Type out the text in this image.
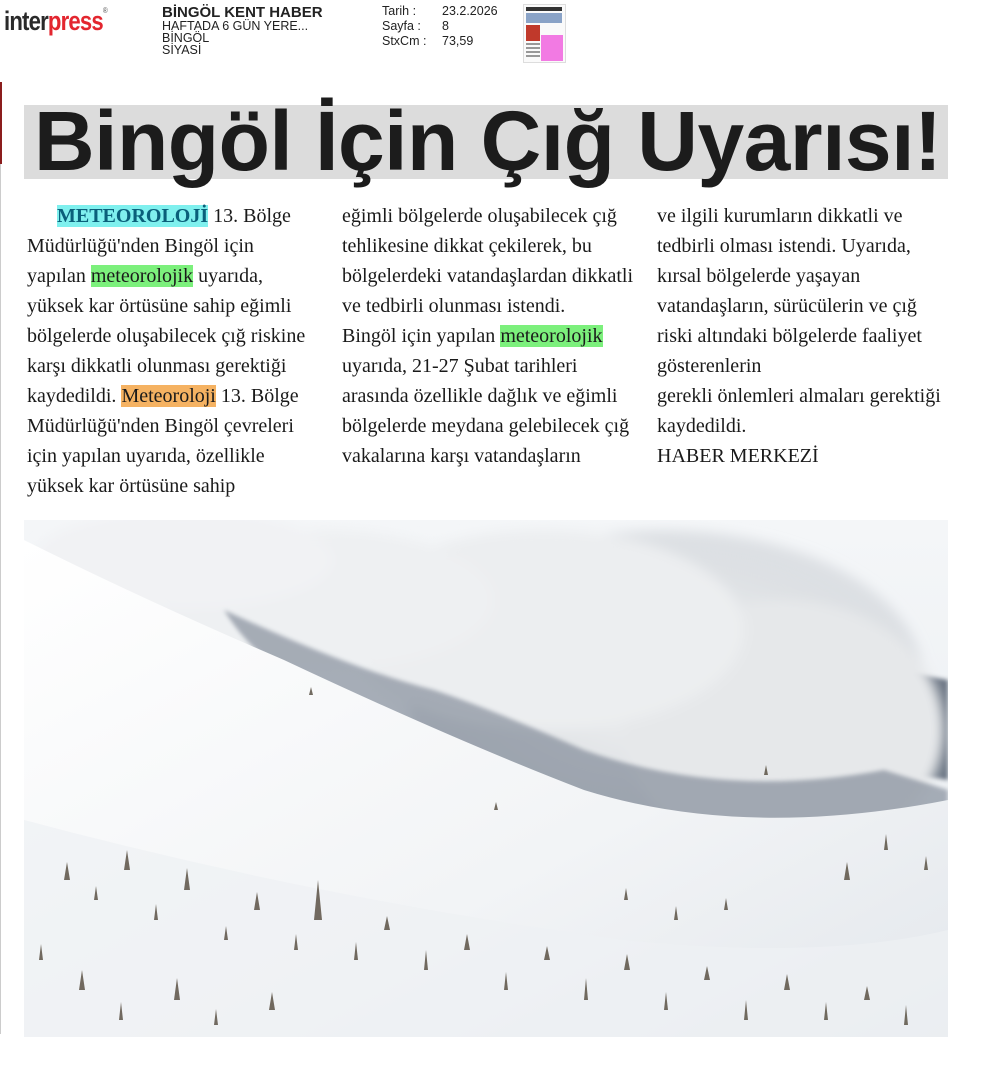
interpress®	BİNGÖL KENT HABER
HAFTADA 6 GÜN YERE...
BİNGÖL
SİYASİ
Tarih :	23.2.2026
Sayfa :	8
StxCm :	73,59
Bingöl İçin Çığ Uyarısı!

METEOROLOJİ 13. Bölge Müdürlüğü'nden Bingöl için yapılan meteorolojik uyarıda, yüksek kar örtüsüne sahip eğimli bölgelerde oluşabilecek çığ riskine karşı dikkatli olunması gerektiği kaydedildi. Meteoroloji 13. Bölge Müdürlüğü'nden Bingöl çevreleri için yapılan uyarıda, özellikle yüksek kar örtüsüne sahip

eğimli bölgelerde oluşabilecek çığ tehlikesine dikkat çekilerek, bu bölgelerdeki vatandaşlardan dikkatli ve tedbirli olunması istendi.

Bingöl için yapılan meteorolojik uyarıda, 21-27 Şubat tarihleri arasında özellikle dağlık ve eğimli bölgelerde meydana gelebilecek çığ vakalarına karşı vatandaşların

ve ilgili kurumların dikkatli ve tedbirli olması istendi. Uyarıda, kırsal bölgelerde yaşayan vatandaşların, sürücülerin ve çığ riski altındaki bölgelerde faaliyet gösterenlerin

gerekli önlemleri almaları gerektiği kaydedildi.

HABER MERKEZİ
